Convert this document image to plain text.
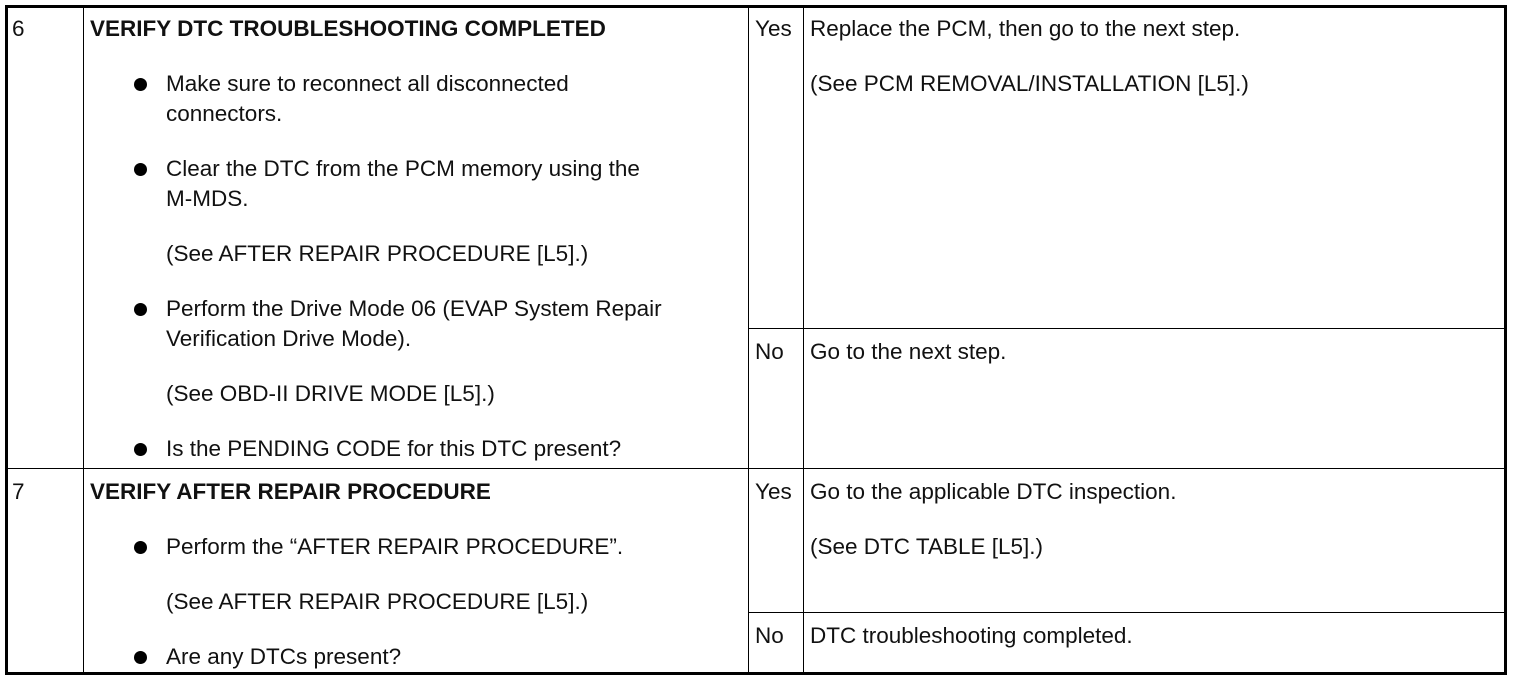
6	VERIFY DTC TROUBLESHOOTING COMPLETED
Make sure to reconnect all disconnected
connectors.
Clear the DTC from the PCM memory using the
M-MDS.
(See AFTER REPAIR PROCEDURE [L5].)
Perform the Drive Mode 06 (EVAP System Repair
Verification Drive Mode).
(See OBD-II DRIVE MODE [L5].)
Is the PENDING CODE for this DTC present?
Yes Replace the PCM, then go to the next step.
(See PCM REMOVAL/INSTALLATION [L5].)
No Go to the next step.
7	VERIFY AFTER REPAIR PROCEDURE
Perform the “AFTER REPAIR PROCEDURE”.
(See AFTER REPAIR PROCEDURE [L5].)
Are any DTCs present?
Yes Go to the applicable DTC inspection.
(See DTC TABLE [L5].)
No DTC troubleshooting completed.
